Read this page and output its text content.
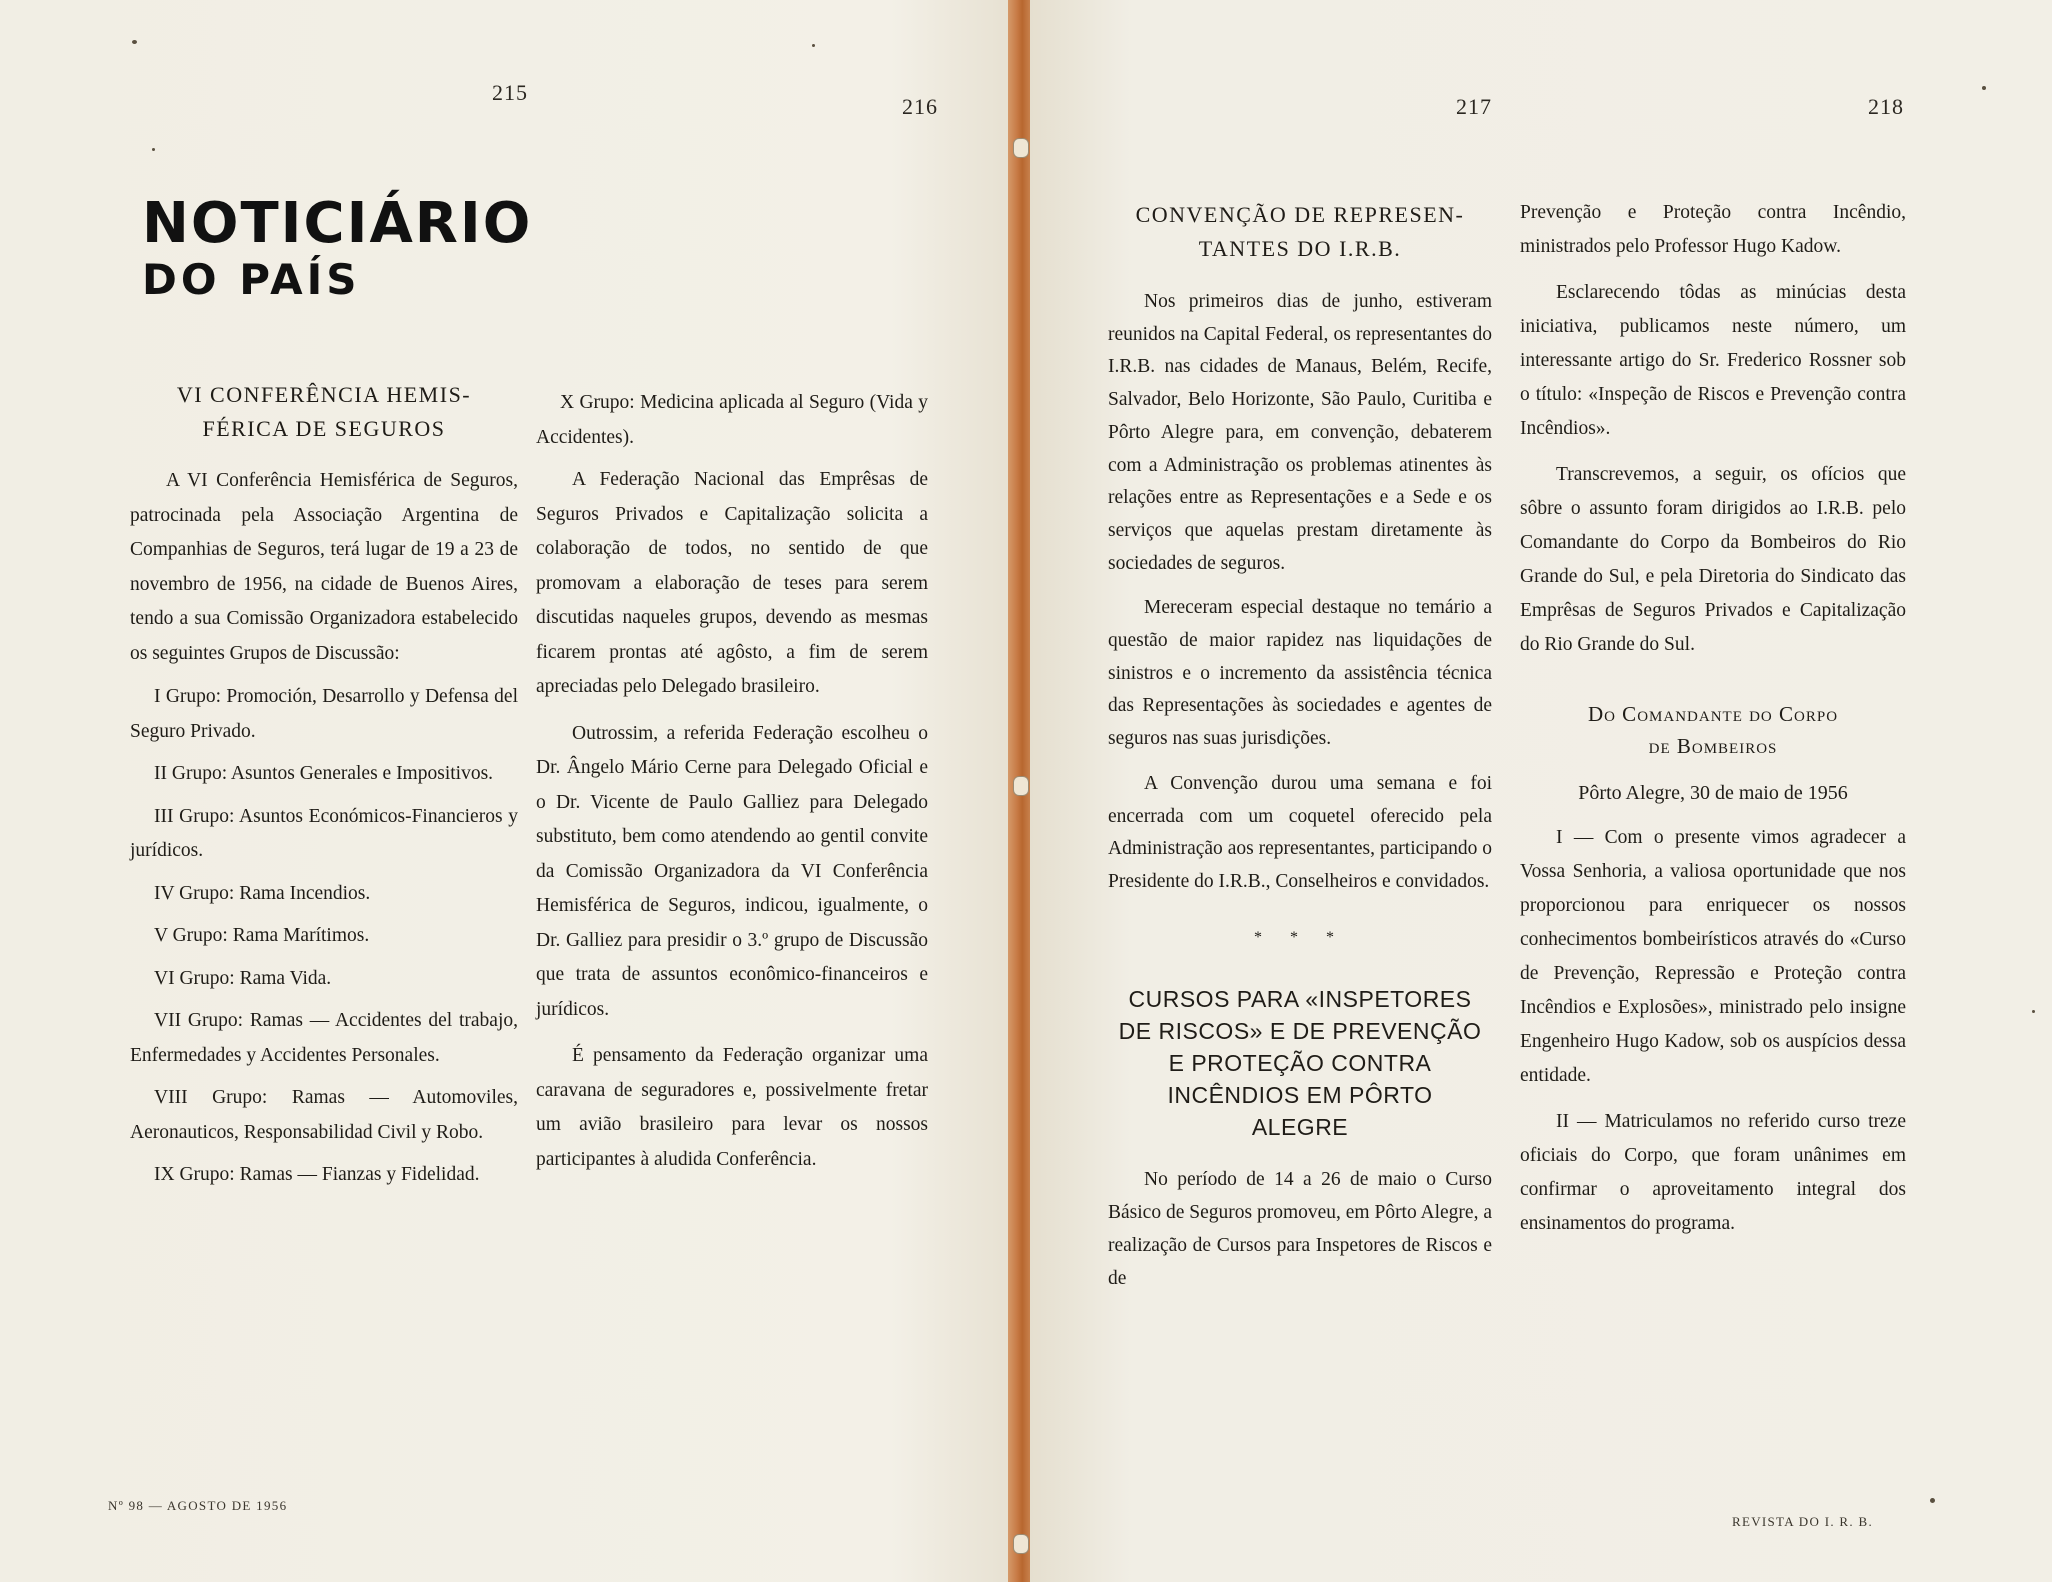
215
216
NOTICIÁRIO
DO PAÍS
VI CONFERÊNCIA HEMIS-
FÉRICA DE SEGUROS

A VI Conferência Hemisférica de Seguros, patrocinada pela Associação Argentina de Companhias de Seguros, terá lugar de 19 a 23 de novembro de 1956, na cidade de Buenos Aires, tendo a sua Comissão Organizadora estabelecido os seguintes Grupos de Discussão:

I Grupo: Promoción, Desarrollo y Defensa del Seguro Privado.

II Grupo: Asuntos Generales e Impositivos.

III Grupo: Asuntos Económicos-Financieros y jurídicos.

IV Grupo: Rama Incendios.

V Grupo: Rama Marítimos.

VI Grupo: Rama Vida.

VII Grupo: Ramas — Accidentes del trabajo, Enfermedades y Accidentes Personales.

VIII Grupo: Ramas — Automoviles, Aeronauticos, Responsabilidad Civil y Robo.

IX Grupo: Ramas — Fianzas y Fidelidad.

X Grupo: Medicina aplicada al Seguro (Vida y Accidentes).

A Federação Nacional das Emprêsas de Seguros Privados e Capitalização solicita a colaboração de todos, no sentido de que promovam a elaboração de teses para serem discutidas naqueles grupos, devendo as mesmas ficarem prontas até agôsto, a fim de serem apreciadas pelo Delegado brasileiro.

Outrossim, a referida Federação escolheu o Dr. Ângelo Mário Cerne para Delegado Oficial e o Dr. Vicente de Paulo Galliez para Delegado substituto, bem como atendendo ao gentil convite da Comissão Organizadora da VI Conferência Hemisférica de Seguros, indicou, igualmente, o Dr. Galliez para presidir o 3.º grupo de Discussão que trata de assuntos econômico-financeiros e jurídicos.

É pensamento da Federação organizar uma caravana de seguradores e, possivelmente fretar um avião brasileiro para levar os nossos participantes à aludida Conferência.

Nº 98 — AGOSTO DE 1956
217	218
CONVENÇÃO DE REPRESEN-
TANTES DO I.R.B.

Nos primeiros dias de junho, estiveram reunidos na Capital Federal, os representantes do I.R.B. nas cidades de Manaus, Belém, Recife, Salvador, Belo Horizonte, São Paulo, Curitiba e Pôrto Alegre para, em convenção, debaterem com a Administração os problemas atinentes às relações entre as Representações e a Sede e os serviços que aquelas prestam diretamente às sociedades de seguros.

Mereceram especial destaque no temário a questão de maior rapidez nas liquidações de sinistros e o incremento da assistência técnica das Representações às sociedades e agentes de seguros nas suas jurisdições.

A Convenção durou uma semana e foi encerrada com um coquetel oferecido pela Administração aos representantes, participando o Presidente do I.R.B., Conselheiros e convidados.

* * *
CURSOS PARA «INSPETORES
DE RISCOS» E DE PREVENÇÃO
E PROTEÇÃO CONTRA
INCÊNDIOS EM PÔRTO
ALEGRE

No período de 14 a 26 de maio o Curso Básico de Seguros promoveu, em Pôrto Alegre, a realização de Cursos para Inspetores de Riscos e de

Prevenção e Proteção contra Incêndio, ministrados pelo Professor Hugo Kadow.

Esclarecendo tôdas as minúcias desta iniciativa, publicamos neste número, um interessante artigo do Sr. Frederico Rossner sob o título: «Inspeção de Riscos e Prevenção contra Incêndios».

Transcrevemos, a seguir, os ofícios que sôbre o assunto foram dirigidos ao I.R.B. pelo Comandante do Corpo da Bombeiros do Rio Grande do Sul, e pela Diretoria do Sindicato das Emprêsas de Seguros Privados e Capitalização do Rio Grande do Sul.

Do Comandante do Corpo
de Bombeiros
Pôrto Alegre, 30 de maio de 1956

I — Com o presente vimos agradecer a Vossa Senhoria, a valiosa oportunidade que nos proporcionou para enriquecer os nossos conhecimentos bombeirísticos através do «Curso de Prevenção, Repressão e Proteção contra Incêndios e Explosões», ministrado pelo insigne Engenheiro Hugo Kadow, sob os auspícios dessa entidade.

II — Matriculamos no referido curso treze oficiais do Corpo, que foram unânimes em confirmar o aproveitamento integral dos ensinamentos do programa.

REVISTA DO I. R. B.
